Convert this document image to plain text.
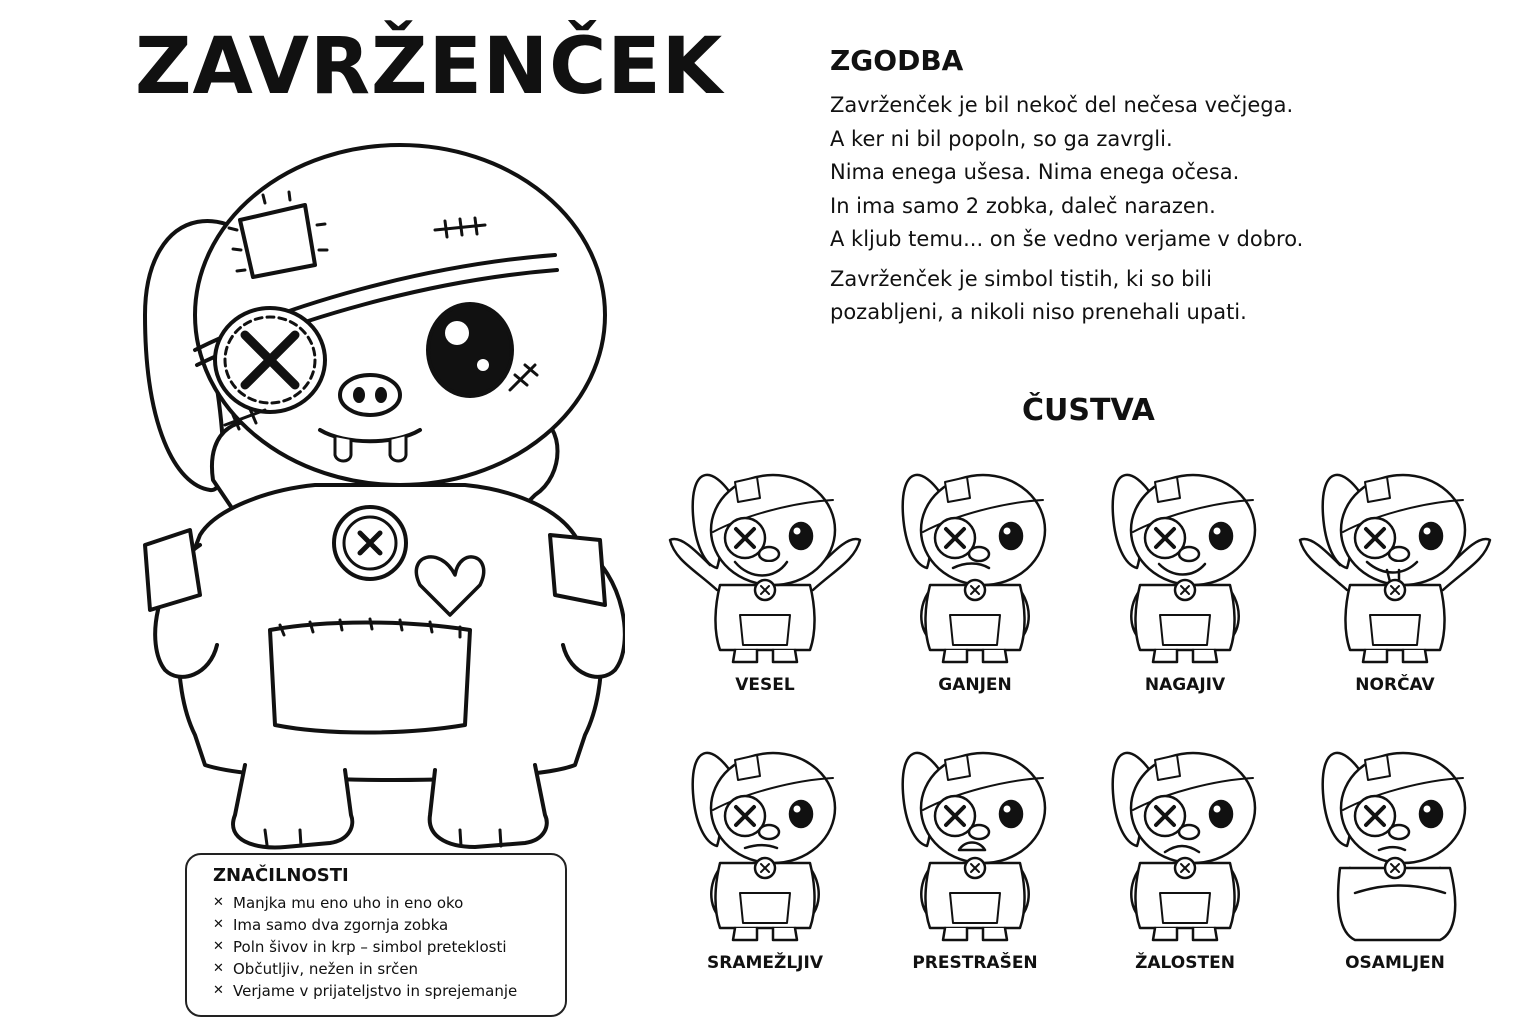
ZAVRŽENČEK
ZNAČILNOSTI
✕ Manjka mu eno uho in eno oko
✕ Ima samo dva zgornja zobka
✕ Poln šivov in krp – simbol preteklosti
✕ Občutljiv, nežen in srčen
✕ Verjame v prijateljstvo in sprejemanje
ZGODBA

Zavrženček je bil nekoč del nečesa večjega.

A ker ni bil popoln, so ga zavrgli.

Nima enega ušesa. Nima enega očesa.

In ima samo 2 zobka, daleč narazen.

A kljub temu... on še vedno verjame v dobro.

Zavrženček je simbol tistih, ki so bili

pozabljeni, a nikoli niso prenehali upati.

ČUSTVA
VESEL	GANJEN	NAGAJIV	NORČAV
SRAMEŽLJIV	PRESTRAŠEN	ŽALOSTEN	OSAMLJEN
